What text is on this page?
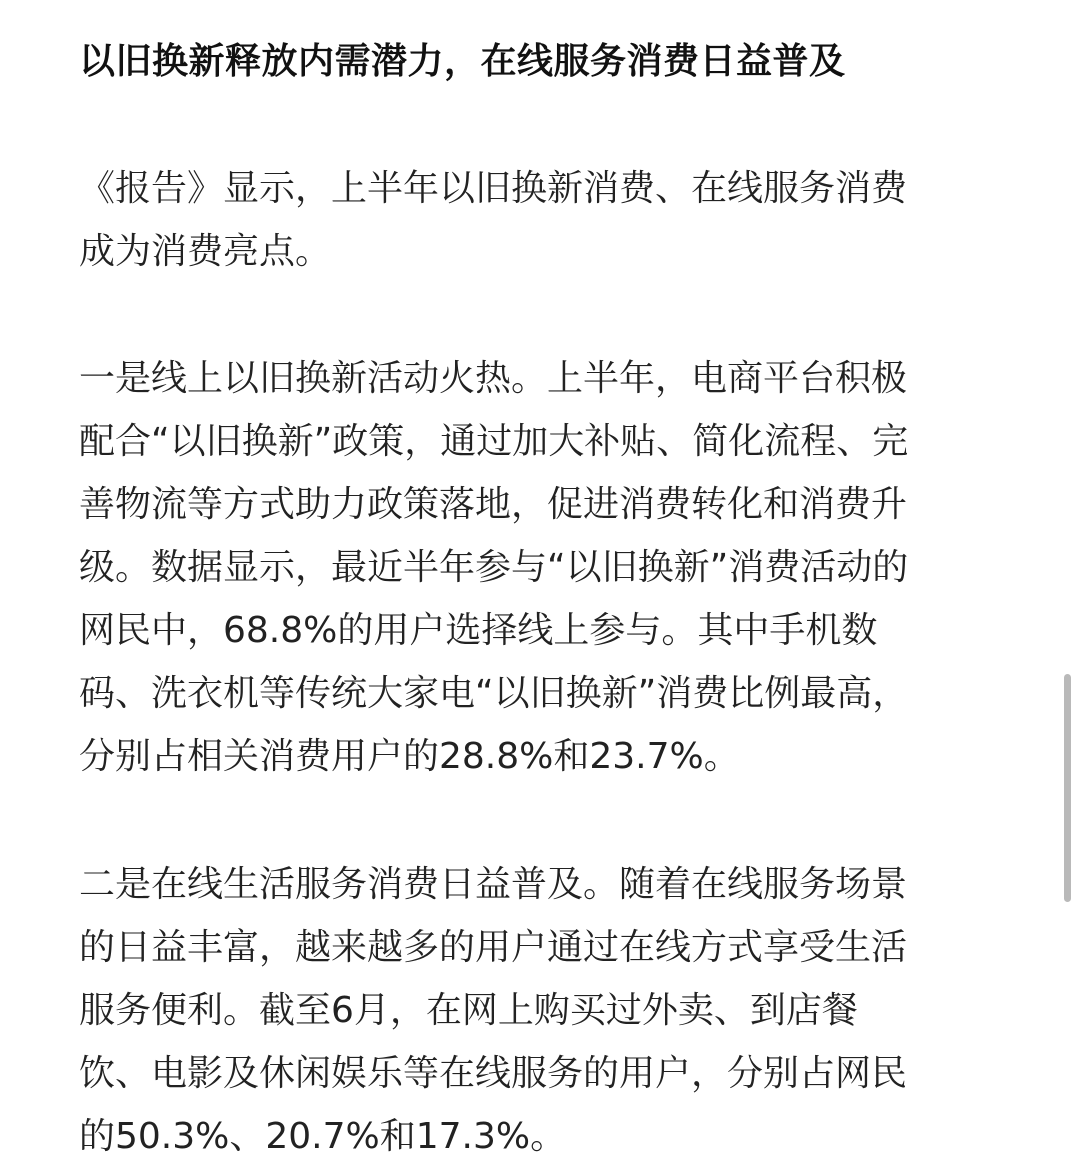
以旧换新释放内需潜力，在线服务消费日益普及

《报告》显示，上半年以旧换新消费、在线服务消费
成为消费亮点。

一是线上以旧换新活动火热。上半年，电商平台积极
配合“以旧换新”政策，通过加大补贴、简化流程、完
善物流等方式助力政策落地，促进消费转化和消费升
级。数据显示，最近半年参与“以旧换新”消费活动的
网民中，68.8%的用户选择线上参与。其中手机数
码、洗衣机等传统大家电“以旧换新”消费比例最高，
分别占相关消费用户的28.8%和23.7%。

二是在线生活服务消费日益普及。随着在线服务场景
的日益丰富，越来越多的用户通过在线方式享受生活
服务便利。截至6月，在网上购买过外卖、到店餐
饮、电影及休闲娱乐等在线服务的用户，分别占网民
的50.3%、20.7%和17.3%。
